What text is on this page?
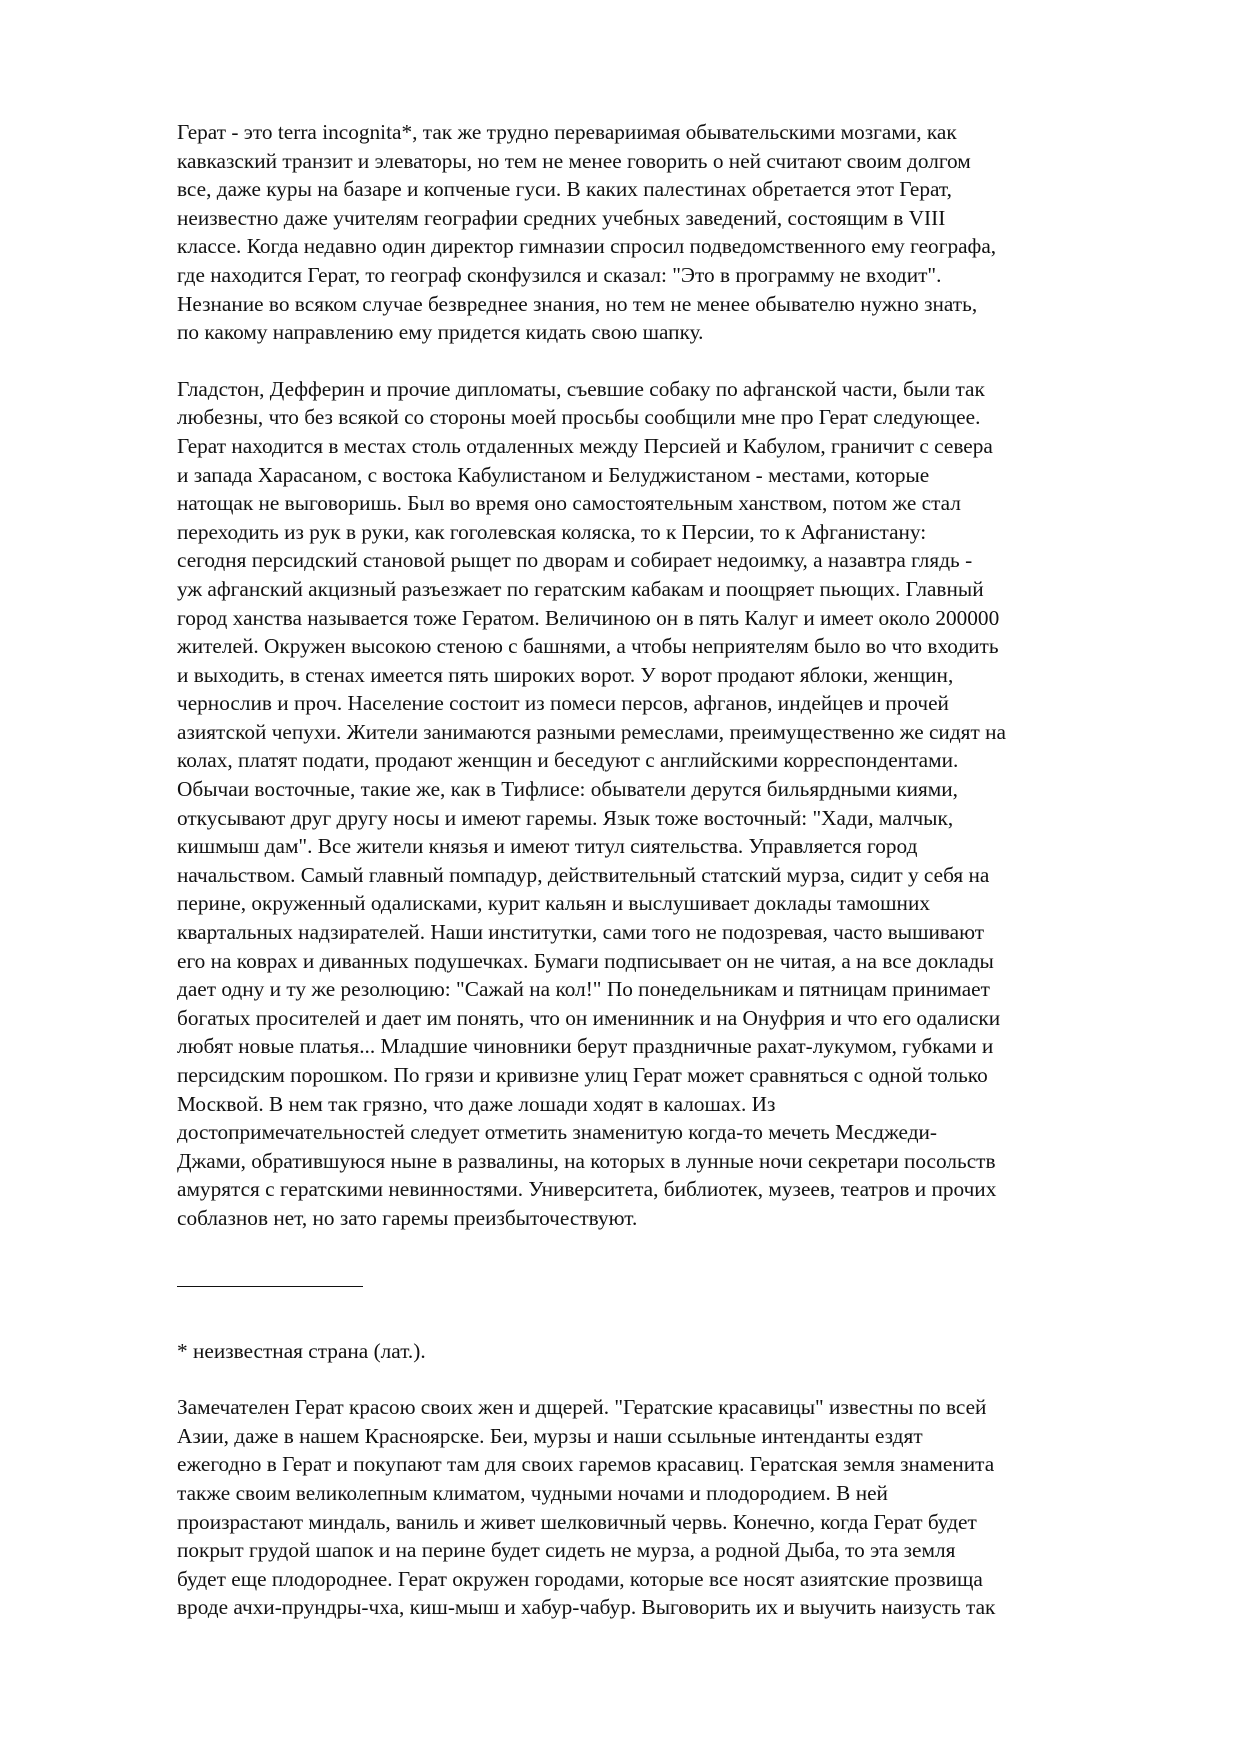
Герат - это terra incognita*, так же трудно перевариимая обывательскими мозгами, как
кавказский транзит и элеваторы, но тем не менее говорить о ней считают своим долгом
все, даже куры на базаре и копченые гуси. В каких палестинах обретается этот Герат,
неизвестно даже учителям географии средних учебных заведений, состоящим в VIII
классе. Когда недавно один директор гимназии спросил подведомственного ему географа,
где находится Герат, то географ сконфузился и сказал: "Это в программу не входит".
Незнание во всяком случае безвреднее знания, но тем не менее обывателю нужно знать,
по какому направлению ему придется кидать свою шапку.

Гладстон, Дефферин и прочие дипломаты, съевшие собаку по афганской части, были так
любезны, что без всякой со стороны моей просьбы сообщили мне про Герат следующее.
Герат находится в местах столь отдаленных между Персией и Кабулом, граничит с севера
и запада Харасаном, с востока Кабулистаном и Белуджистаном - местами, которые
натощак не выговоришь. Был во время оно самостоятельным ханством, потом же стал
переходить из рук в руки, как гоголевская коляска, то к Персии, то к Афганистану:
сегодня персидский становой рыщет по дворам и собирает недоимку, а назавтра глядь -
уж афганский акцизный разъезжает по гератским кабакам и поощряет пьющих. Главный
город ханства называется тоже Гератом. Величиною он в пять Калуг и имеет около 200000
жителей. Окружен высокою стеною с башнями, а чтобы неприятелям было во что входить
и выходить, в стенах имеется пять широких ворот. У ворот продают яблоки, женщин,
чернослив и проч. Население состоит из помеси персов, афганов, индейцев и прочей
азиятской чепухи. Жители занимаются разными ремеслами, преимущественно же сидят на
колах, платят подати, продают женщин и беседуют с английскими корреспондентами.
Обычаи восточные, такие же, как в Тифлисе: обыватели дерутся бильярдными киями,
откусывают друг другу носы и имеют гаремы. Язык тоже восточный: "Хади, малчык,
кишмыш дам". Все жители князья и имеют титул сиятельства. Управляется город
начальством. Самый главный помпадур, действительный статский мурза, сидит у себя на
перине, окруженный одалисками, курит кальян и выслушивает доклады тамошних
квартальных надзирателей. Наши институтки, сами того не подозревая, часто вышивают
его на коврах и диванных подушечках. Бумаги подписывает он не читая, а на все доклады
дает одну и ту же резолюцию: "Сажай на кол!" По понедельникам и пятницам принимает
богатых просителей и дает им понять, что он именинник и на Онуфрия и что его одалиски
любят новые платья... Младшие чиновники берут праздничные рахат-лукумом, губками и
персидским порошком. По грязи и кривизне улиц Герат может сравняться с одной только
Москвой. В нем так грязно, что даже лошади ходят в калошах. Из
достопримечательностей следует отметить знаменитую когда-то мечеть Месджеди-
Джами, обратившуюся ныне в развалины, на которых в лунные ночи секретари посольств
амурятся с гератскими невинностями. Университета, библиотек, музеев, театров и прочих
соблазнов нет, но зато гаремы преизбыточествуют.

* неизвестная страна (лат.).

Замечателен Герат красою своих жен и дщерей. "Гератские красавицы" известны по всей
Азии, даже в нашем Красноярске. Беи, мурзы и наши ссыльные интенданты ездят
ежегодно в Герат и покупают там для своих гаремов красавиц. Гератская земля знаменита
также своим великолепным климатом, чудными ночами и плодородием. В ней
произрастают миндаль, ваниль и живет шелковичный червь. Конечно, когда Герат будет
покрыт грудой шапок и на перине будет сидеть не мурза, а родной Дыба, то эта земля
будет еще плодороднее. Герат окружен городами, которые все носят азиятские прозвища
вроде ачхи-прундры-чха, киш-мыш и хабур-чабур. Выговорить их и выучить наизусть так
